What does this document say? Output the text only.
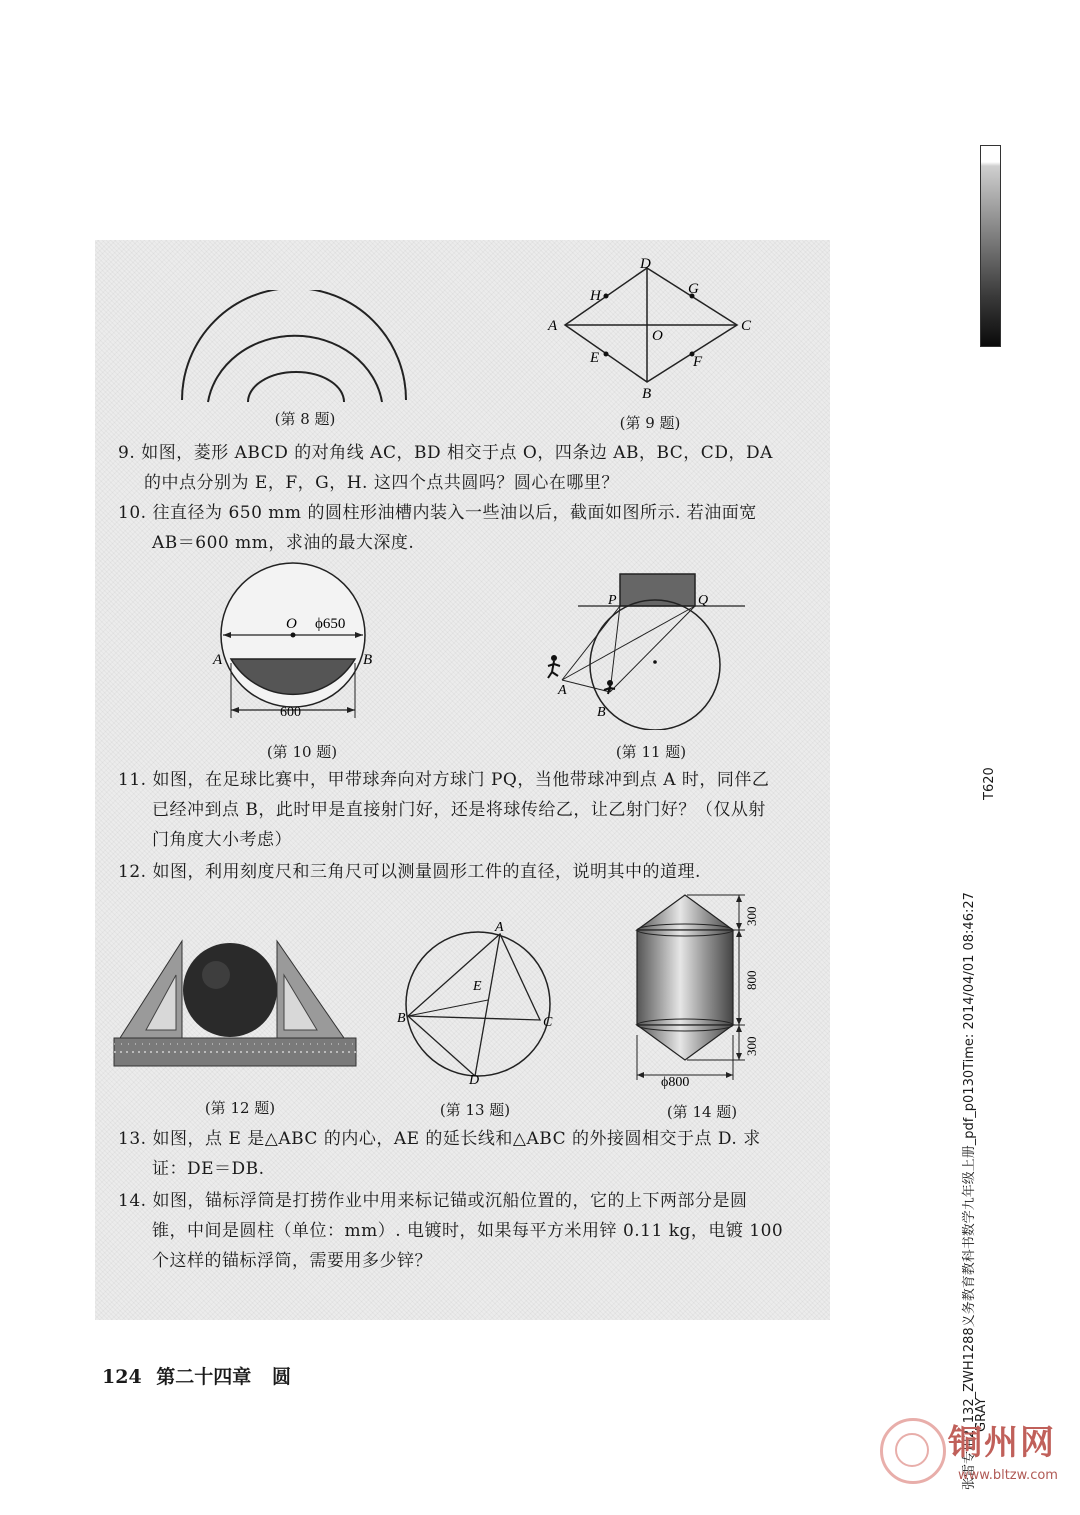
(第 8 题)
D
H	G
A
O
C
E	F
B
(第 9 题)
9. 如图，菱形 ABCD 的对角线 AC，BD 相交于点 O，四条边 AB，BC，CD，DA
的中点分别为 E，F，G，H. 这四个点共圆吗？圆心在哪里？
10. 往直径为 650 mm 的圆柱形油槽内装入一些油以后，截面如图所示. 若油面宽
AB＝600 mm，求油的最大深度.
O ϕ650
A	B
600
(第 10 题)
P	Q
A
B
(第 11 题)
11. 如图，在足球比赛中，甲带球奔向对方球门 PQ，当他带球冲到点 A 时，同伴乙
已经冲到点 B，此时甲是直接射门好，还是将球传给乙，让乙射门好？（仅从射
门角度大小考虑）
12. 如图，利用刻度尺和三角尺可以测量圆形工件的直径，说明其中的道理.
(第 12 题)
A
E
B	C
D
(第 13 题)
300
800
300
ϕ800
(第 14 题)
13. 如图，点 E 是△ABC 的内心，AE 的延长线和△ABC 的外接圆相交于点 D. 求
证：DE＝DB.
14. 如图，锚标浮筒是打捞作业中用来标记锚或沉船位置的，它的上下两部分是圆
锥，中间是圆柱（单位：mm）. 电镀时，如果每平方米用锌 0.11 kg，电镀 100
个这样的锚标浮筒，需要用多少锌？
124 第二十四章 圆
T620
张雷专用2_132_ZWH1288义务教育教科书数学九年级上册_pdf_p0130Time: 2014/04/01 08:46:27
GRAY
铜州网
www.bltzw.com
